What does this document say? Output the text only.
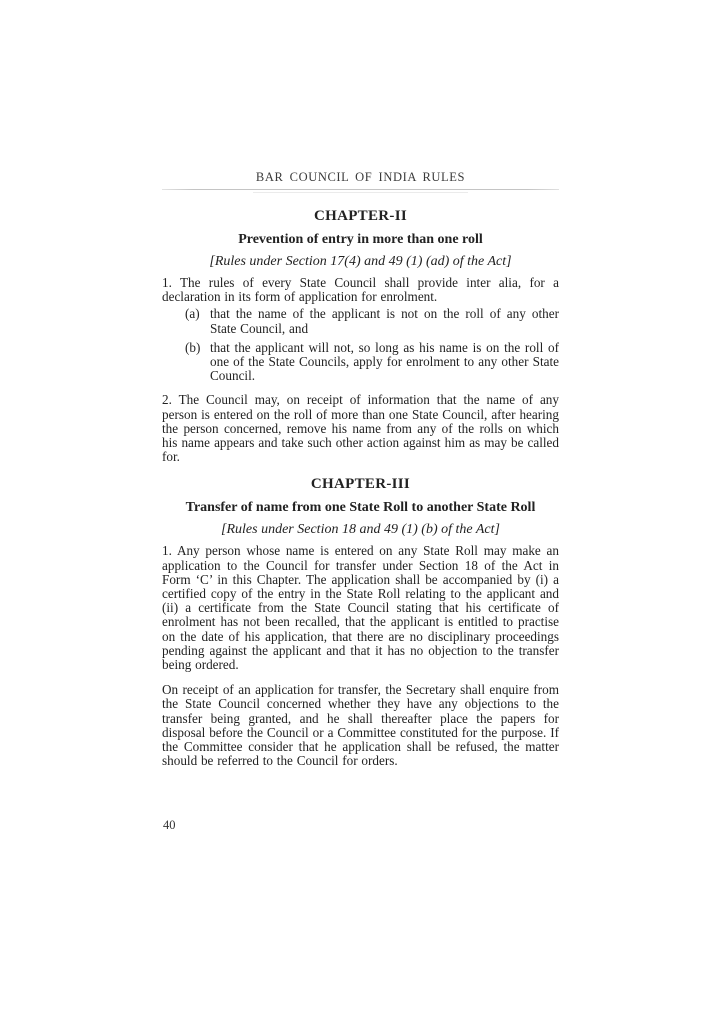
BAR COUNCIL OF INDIA RULES
CHAPTER-II
Prevention of entry in more than one roll
[Rules under Section 17(4) and 49 (1) (ad) of the Act]

1. The rules of every State Council shall provide inter alia, for a declaration in its form of application for enrolment.

(a) that the name of the applicant is not on the roll of any other State Council, and
(b) that the applicant will not, so long as his name is on the roll of one of the State Councils, apply for enrolment to any other State Council.

2. The Council may, on receipt of information that the name of any person is entered on the roll of more than one State Council, after hearing the person concerned, remove his name from any of the rolls on which his name appears and take such other action against him as may be called for.

CHAPTER-III
Transfer of name from one State Roll to another State Roll
[Rules under Section 18 and 49 (1) (b) of the Act]

1. Any person whose name is entered on any State Roll may make an application to the Council for transfer under Section 18 of the Act in Form ‘C’ in this Chapter. The application shall be accompanied by (i) a certified copy of the entry in the State Roll relating to the applicant and (ii) a certificate from the State Council stating that his certificate of enrolment has not been recalled, that the applicant is entitled to practise on the date of his application, that there are no disciplinary proceedings pending against the applicant and that it has no objection to the transfer being ordered.

On receipt of an application for transfer, the Secretary shall enquire from the State Council concerned whether they have any objections to the transfer being granted, and he shall thereafter place the papers for disposal before the Council or a Committee constituted for the purpose. If the Committee consider that he application shall be refused, the matter should be referred to the Council for orders.

40
